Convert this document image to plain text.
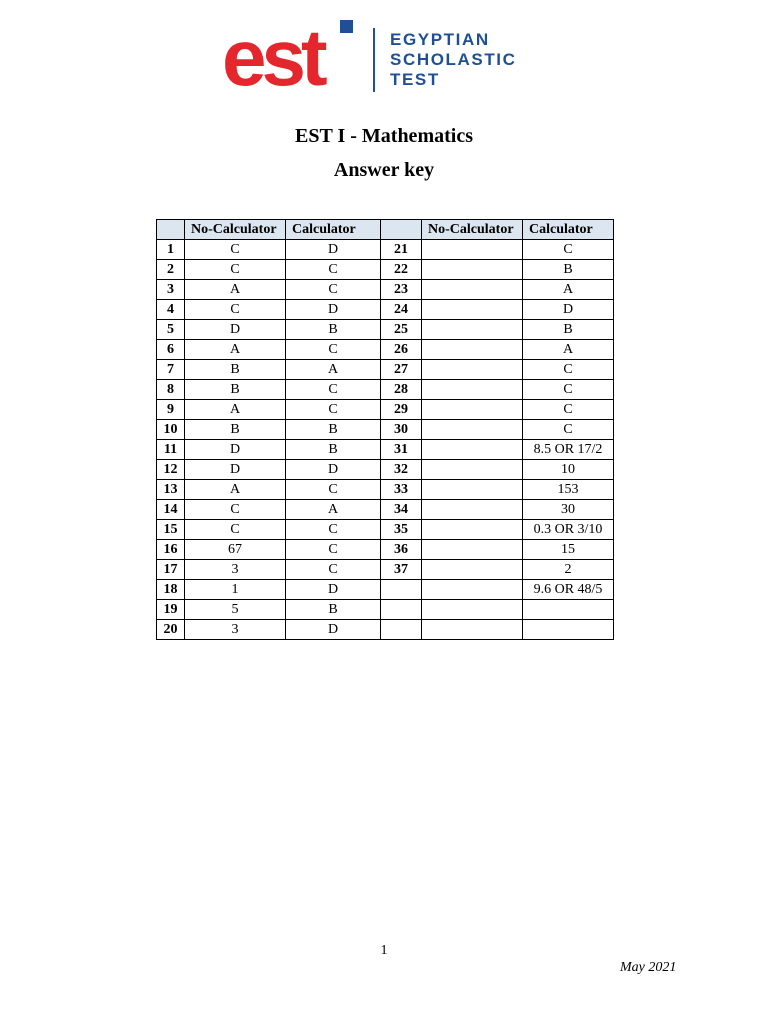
est	EGYPTIAN
SCHOLASTIC
TEST
EST I - Mathematics
Answer key
	No-Calculator	Calculator		No-Calculator	Calculator
1	C	D	21		C
2	C	C	22		B
3	A	C	23		A
4	C	D	24		D
5	D	B	25		B
6	A	C	26		A
7	B	A	27		C
8	B	C	28		C
9	A	C	29		C
10	B	B	30		C
11	D	B	31		8.5 OR 17/2
12	D	D	32		10
13	A	C	33		153
14	C	A	34		30
15	C	C	35		0.3 OR 3/10
16	67	C	36		15
17	3	C	37		2
18	1	D			9.6 OR 48/5
19	5	B			
20	3	D			
1
May 2021
